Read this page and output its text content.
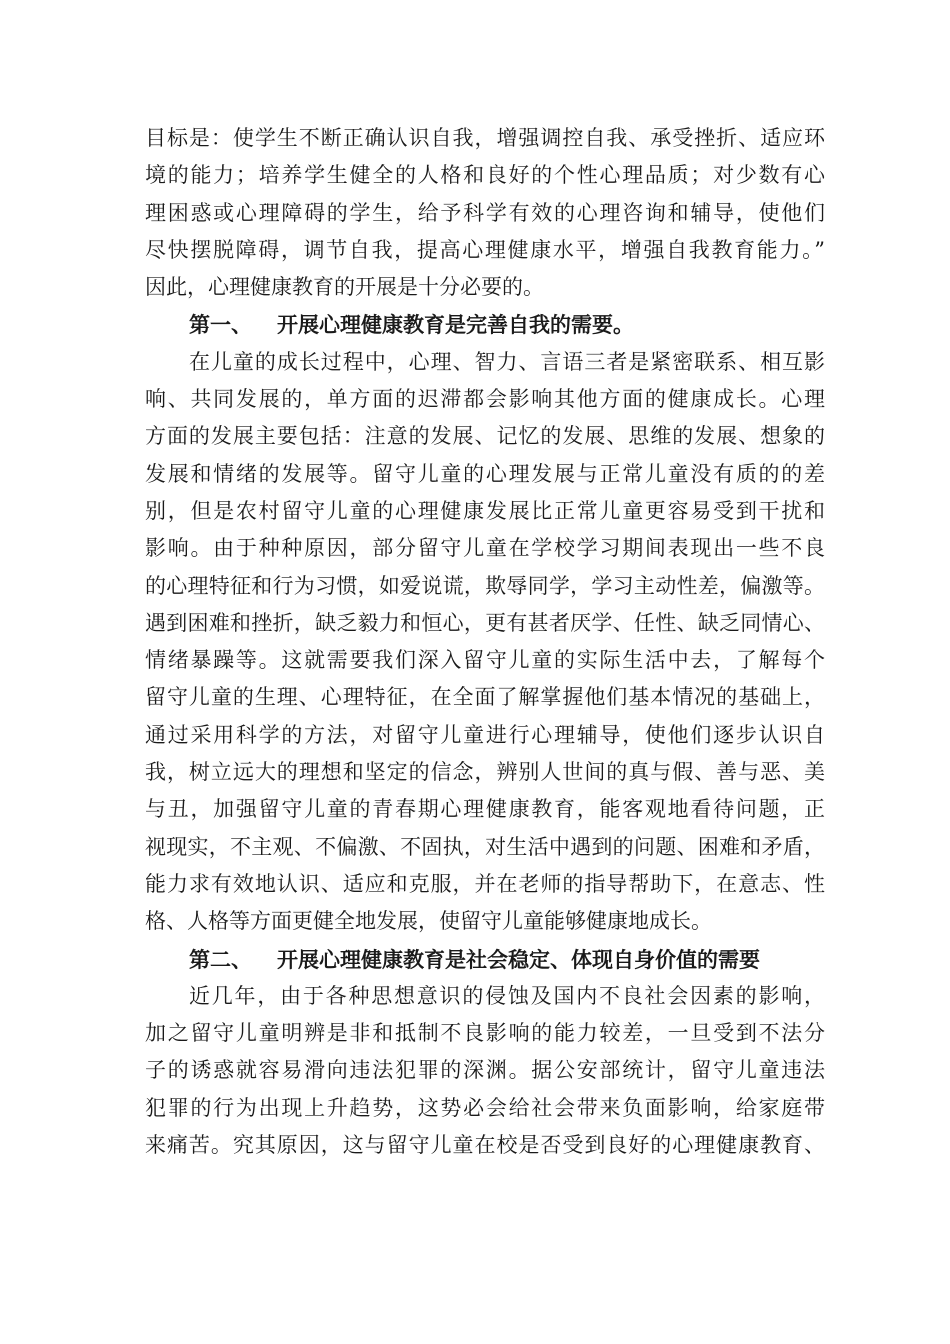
目标是：使学生不断正确认识自我，增强调控自我、承受挫折、适应环
境的能力；培养学生健全的人格和良好的个性心理品质；对少数有心
理困惑或心理障碍的学生，给予科学有效的心理咨询和辅导，使他们
尽快摆脱障碍，调节自我，提高心理健康水平，增强自我教育能力。”
因此，心理健康教育的开展是十分必要的。
第一、 开展心理健康教育是完善自我的需要。
在儿童的成长过程中，心理、智力、言语三者是紧密联系、相互影
响、共同发展的，单方面的迟滞都会影响其他方面的健康成长。心理
方面的发展主要包括：注意的发展、记忆的发展、思维的发展、想象的
发展和情绪的发展等。留守儿童的心理发展与正常儿童没有质的的差
别，但是农村留守儿童的心理健康发展比正常儿童更容易受到干扰和
影响。由于种种原因，部分留守儿童在学校学习期间表现出一些不良
的心理特征和行为习惯，如爱说谎，欺辱同学，学习主动性差，偏激等。
遇到困难和挫折，缺乏毅力和恒心，更有甚者厌学、任性、缺乏同情心、
情绪暴躁等。这就需要我们深入留守儿童的实际生活中去，了解每个
留守儿童的生理、心理特征，在全面了解掌握他们基本情况的基础上，
通过采用科学的方法，对留守儿童进行心理辅导，使他们逐步认识自
我，树立远大的理想和坚定的信念，辨别人世间的真与假、善与恶、美
与丑，加强留守儿童的青春期心理健康教育，能客观地看待问题，正
视现实，不主观、不偏激、不固执，对生活中遇到的问题、困难和矛盾，
能力求有效地认识、适应和克服，并在老师的指导帮助下，在意志、性
格、人格等方面更健全地发展，使留守儿童能够健康地成长。
第二、 开展心理健康教育是社会稳定、体现自身价值的需要
近几年，由于各种思想意识的侵蚀及国内不良社会因素的影响，
加之留守儿童明辨是非和抵制不良影响的能力较差，一旦受到不法分
子的诱惑就容易滑向违法犯罪的深渊。据公安部统计，留守儿童违法
犯罪的行为出现上升趋势，这势必会给社会带来负面影响，给家庭带
来痛苦。究其原因，这与留守儿童在校是否受到良好的心理健康教育、
